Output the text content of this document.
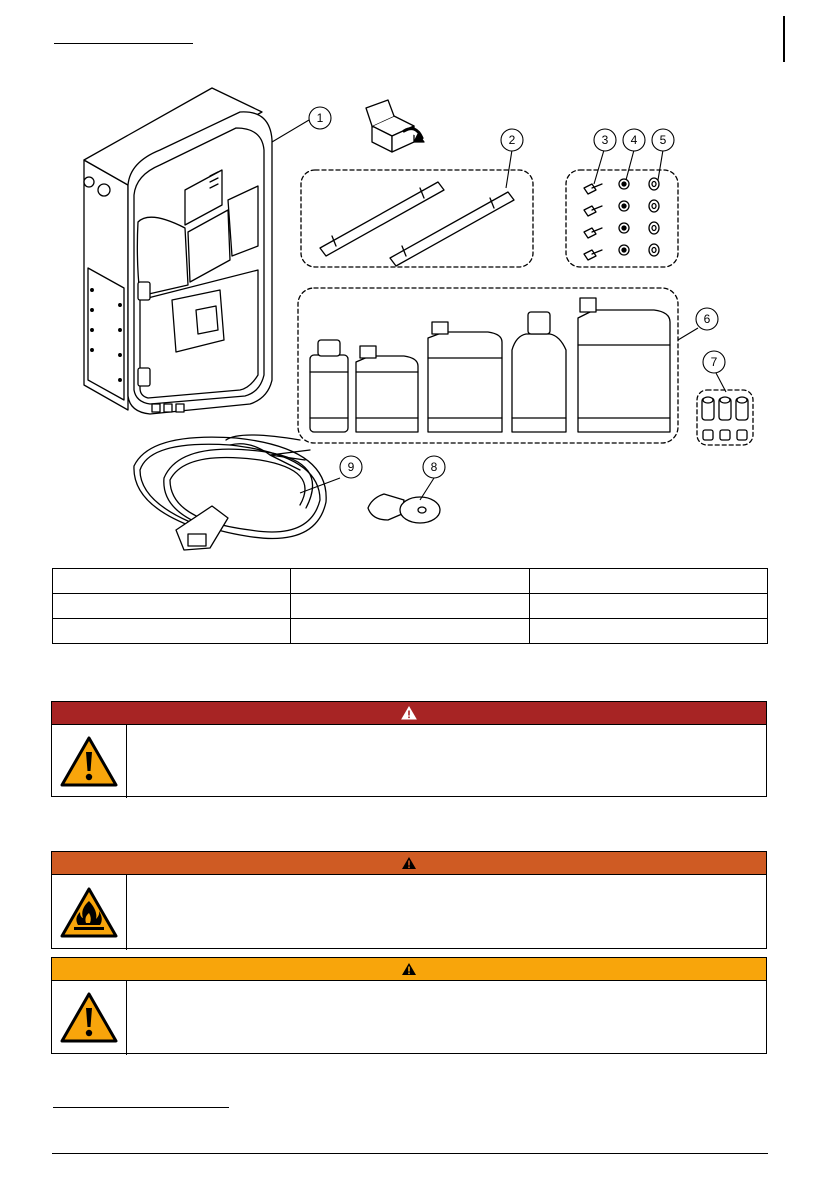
1
2	3 4 5
6
7
8
9
